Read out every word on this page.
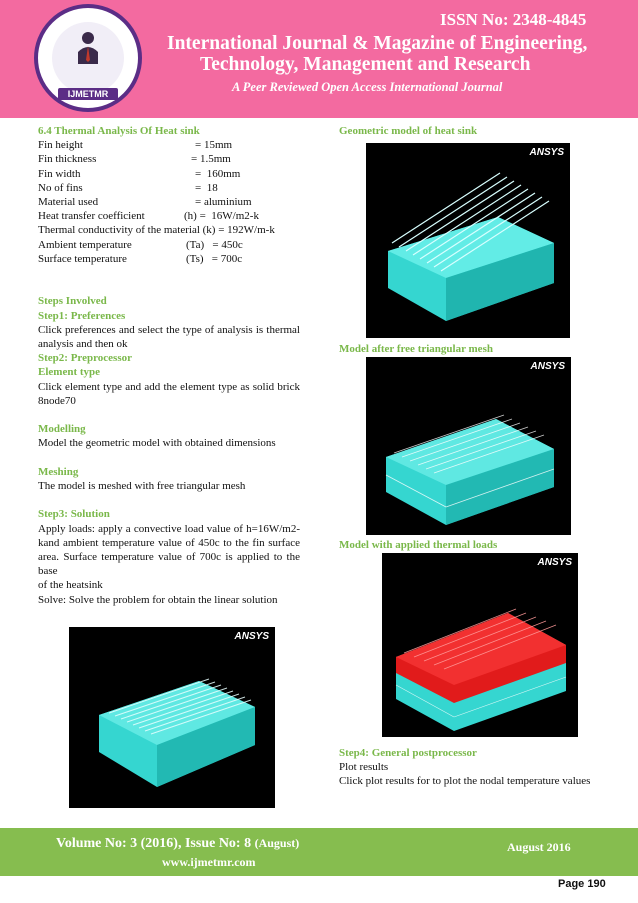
IJMETMR
ISSN No: 2348-4845
International Journal & Magazine of Engineering,
Technology, Management and Research
A Peer Reviewed Open Access International Journal
6.4 Thermal Analysis Of Heat sink
Fin height	= 15mm
Fin thickness	= 1.5mm
Fin width	=  160mm
No of fins	=  18
Material used	= aluminium
Heat transfer coefficient	(h) =  16W/m2-k
Thermal conductivity of the material (k) = 192W/m-k
Ambient temperature	(Ta)   = 450c
Surface temperature	(Ts)   = 700c
Steps Involved
Step1: Preferences

Click preferences and select the type of analysis is thermal analysis and then ok

Step2: Preprocessor
Element type

Click element type and add the element type as solid brick 8node70

Modelling

Model the geometric model with obtained dimensions

Meshing

The model is meshed with free triangular mesh

Step3: Solution

Apply loads: apply a convective load value of h=16W/m2-kand ambient temperature value of 450c to the fin surface area. Surface temperature value of 700c is applied to the base

of the heatsink

Solve: Solve the problem for obtain the linear solution

ANSYS
Geometric model of heat sink
ANSYS
Model after free triangular mesh
ANSYS
Model with applied thermal loads
ANSYS
Step4: General postprocessor

Plot results

Click plot results for to plot the nodal temperature values

Volume No: 3 (2016), Issue No: 8 (August)
www.ijmetmr.com
August 2016
Page 190
